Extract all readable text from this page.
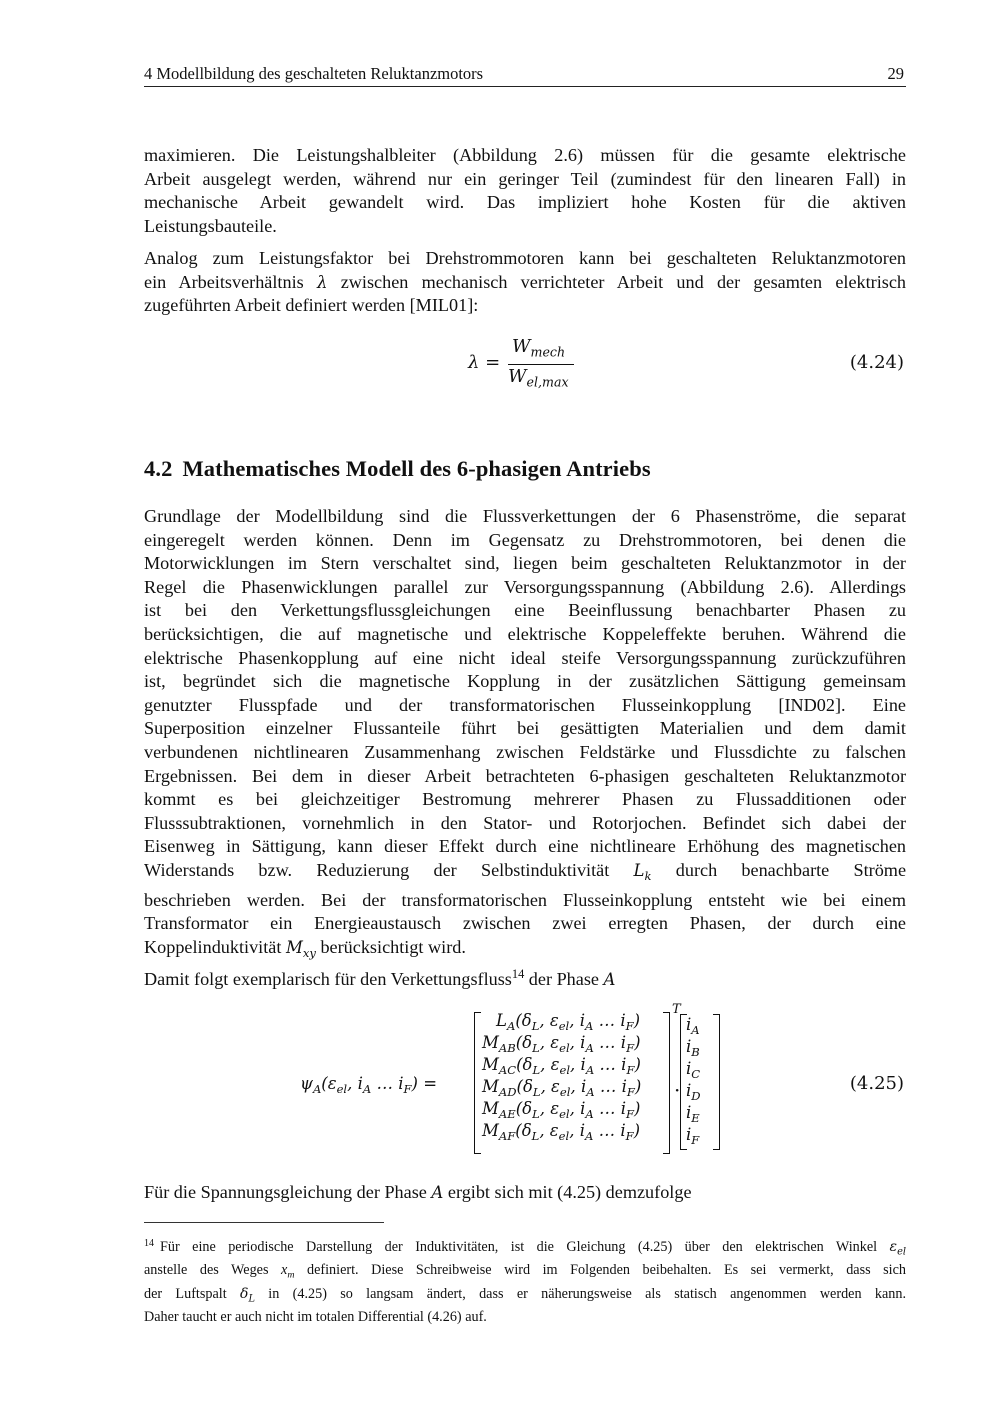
4 Modellbildung des geschalteten Reluktanzmotors	29

maximieren. Die Leistungshalbleiter (Abbildung 2.6) müssen für die gesamte elektrische
Arbeit ausgelegt werden, während nur ein geringer Teil (zumindest für den linearen Fall) in
mechanische Arbeit gewandelt wird. Das impliziert hohe Kosten für die aktiven
Leistungsbauteile.

Analog zum Leistungsfaktor bei Drehstrommotoren kann bei geschalteten Reluktanzmotoren
ein Arbeitsverhältnis λ zwischen mechanisch verrichteter Arbeit und der gesamten elektrisch
zugeführten Arbeit definiert werden [MIL01]:

λ =
$W_{mech}$
$W_{el,max}$
(4.24)
4.2 Mathematisches Modell des 6-phasigen Antriebs

Grundlage der Modellbildung sind die Flussverkettungen der 6 Phasenströme, die separat
eingeregelt werden können. Denn im Gegensatz zu Drehstrommotoren, bei denen die
Motorwicklungen im Stern verschaltet sind, liegen beim geschalteten Reluktanzmotor in der
Regel die Phasenwicklungen parallel zur Versorgungsspannung (Abbildung 2.6). Allerdings
ist bei den Verkettungsflussgleichungen eine Beeinflussung benachbarter Phasen zu
berücksichtigen, die auf magnetische und elektrische Koppeleffekte beruhen. Während die
elektrische Phasenkopplung auf eine nicht ideal steife Versorgungsspannung zurückzuführen
ist, begründet sich die magnetische Kopplung in der zusätzlichen Sättigung gemeinsam
genutzter Flusspfade und der transformatorischen Flusseinkopplung [IND02]. Eine
Superposition einzelner Flussanteile führt bei gesättigten Materialien und dem damit
verbundenen nichtlinearen Zusammenhang zwischen Feldstärke und Flussdichte zu falschen
Ergebnissen. Bei dem in dieser Arbeit betrachteten 6-phasigen geschalteten Reluktanzmotor
kommt es bei gleichzeitiger Bestromung mehrerer Phasen zu Flussadditionen oder
Flusssubtraktionen, vornehmlich in den Stator- und Rotorjochen. Befindet sich dabei der
Eisenweg in Sättigung, kann dieser Effekt durch eine nichtlineare Erhöhung des magnetischen
Widerstands bzw. Reduzierung der Selbstinduktivität $L_k$ durch benachbarte Ströme
beschrieben werden. Bei der transformatorischen Flusseinkopplung entsteht wie bei einem
Transformator ein Energieaustausch zwischen zwei erregten Phasen, der durch eine
Koppelinduktivität $M_{xy}$ berücksichtigt wird.

Damit folgt exemplarisch für den Verkettungsfluss$^{14}$ der Phase A

$\psi_A(\varepsilon_{el}$, $i_A$ … $i_F$) =
$L_A(\delta_L$, $\varepsilon_{el}$, $i_A$ … $i_F$)
$M_{AB}(\delta_L$, $\varepsilon_{el}$, $i_A$ … $i_F$)
$M_{AC}(\delta_L$, $\varepsilon_{el}$, $i_A$ … $i_F$)
$M_{AD}(\delta_L$, $\varepsilon_{el}$, $i_A$ … $i_F$)
$M_{AE}(\delta_L$, $\varepsilon_{el}$, $i_A$ … $i_F$)
$M_{AF}(\delta_L$, $\varepsilon_{el}$, $i_A$ … $i_F$)
T
·
$i_A$
$i_B$
$i_C$
$i_D$
$i_E$
$i_F$
(4.25)

Für die Spannungsgleichung der Phase A ergibt sich mit (4.25) demzufolge

$^{14}$ Für eine periodische Darstellung der Induktivitäten, ist die Gleichung (4.25) über den elektrischen Winkel $\varepsilon_{el}$
anstelle des Weges $x_m$ definiert. Diese Schreibweise wird im Folgenden beibehalten. Es sei vermerkt, dass sich
der Luftspalt $\delta_L$ in (4.25) so langsam ändert, dass er näherungsweise als statisch angenommen werden kann.
Daher taucht er auch nicht im totalen Differential (4.26) auf.
